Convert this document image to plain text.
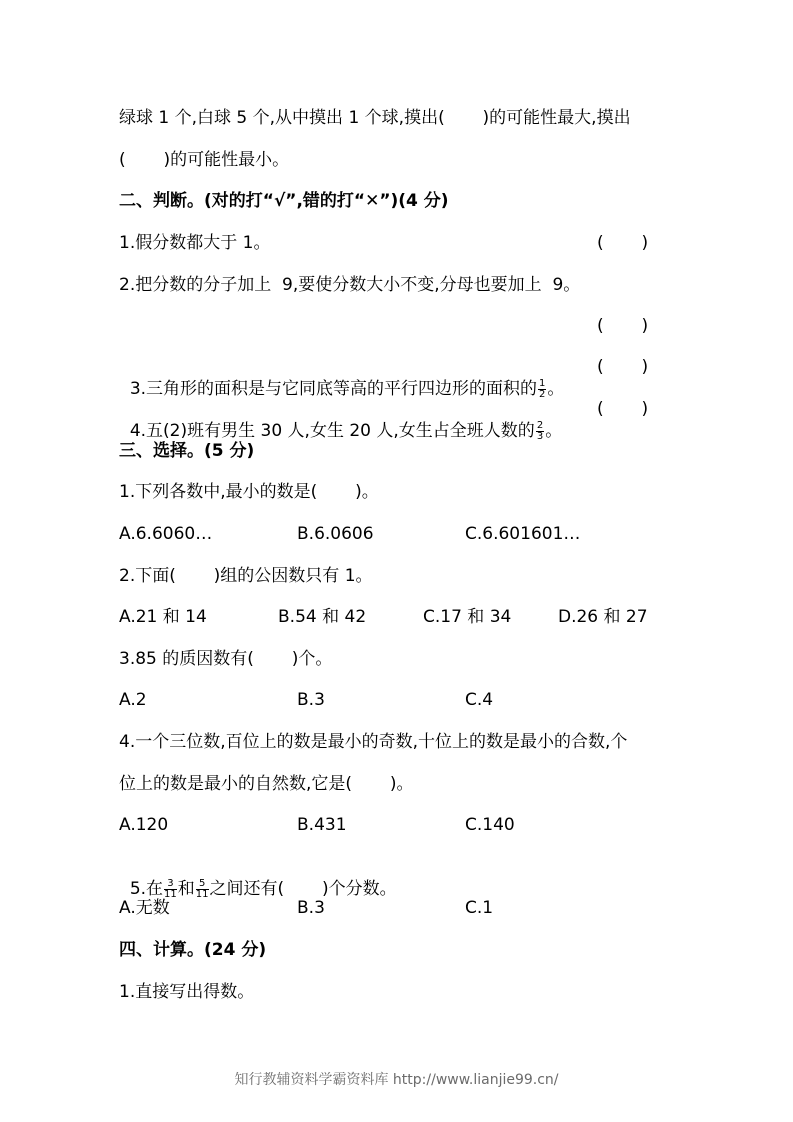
绿球 1 个,白球 5 个,从中摸出 1 个球,摸出(       )的可能性最大,摸出
(       )的可能性最小。
二、判断。(对的打“√”,错的打“✕”)(4 分)
1.假分数都大于 1。	(       )
2.把分数的分子加上  9,要使分数大小不变,分母也要加上  9。
(       )

3.三角形的面积是与它同底等高的平行四边形的面积的 $\frac{1}{2}$ 。

(       )

4.五(2)班有男生 30 人,女生 20 人,女生占全班人数的 $\frac{2}{3}$ 。

(       )
三、选择。(5 分)
1.下列各数中,最小的数是(       )。
A.6.6060…	B.6.0606	C.6.601601…
2.下面(       )组的公因数只有 1。
A.21 和 14	B.54 和 42	C.17 和 34	D.26 和 27
3.85 的质因数有(       )个。
A.2	B.3	C.4
4.一个三位数,百位上的数是最小的奇数,十位上的数是最小的合数,个
位上的数是最小的自然数,它是(       )。
A.120	B.431	C.140

5.在 $\frac{3}{11}$ 和 $\frac{5}{11}$ 之间还有(       )个分数。

A.无数	B.3	C.1
四、计算。(24 分)
1.直接写出得数。
知行教辅资料学霸资料库 http://www.lianjie99.cn/
